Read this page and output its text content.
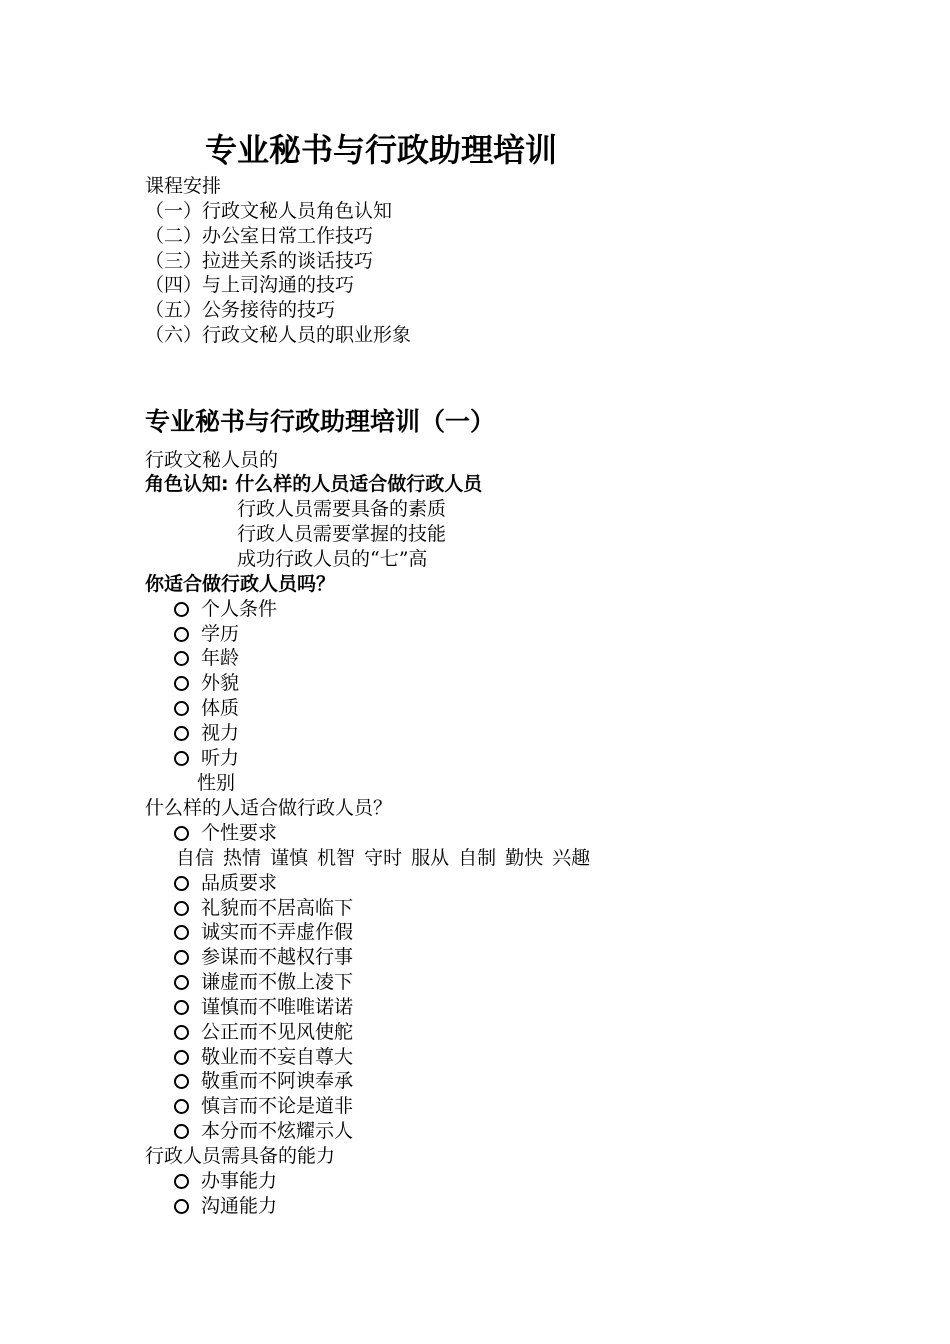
专业秘书与行政助理培训
课程安排
（一）行政文秘人员角色认知
（二）办公室日常工作技巧
（三）拉进关系的谈话技巧
（四）与上司沟通的技巧
（五）公务接待的技巧
（六）行政文秘人员的职业形象
专业秘书与行政助理培训（一）
行政文秘人员的
角色认知: 什么样的人员适合做行政人员
行政人员需要具备的素质
行政人员需要掌握的技能
成功行政人员的“七”高
你适合做行政人员吗？
个人条件
学历
年龄
外貌
体质
视力
听力
性别
什么样的人适合做行政人员？
个性要求
自信 热情 谨慎 机智 守时 服从 自制 勤快 兴趣
品质要求
礼貌而不居高临下
诚实而不弄虚作假
参谋而不越权行事
谦虚而不傲上凌下
谨慎而不唯唯诺诺
公正而不见风使舵
敬业而不妄自尊大
敬重而不阿谀奉承
慎言而不论是道非
本分而不炫耀示人
行政人员需具备的能力
办事能力
沟通能力
